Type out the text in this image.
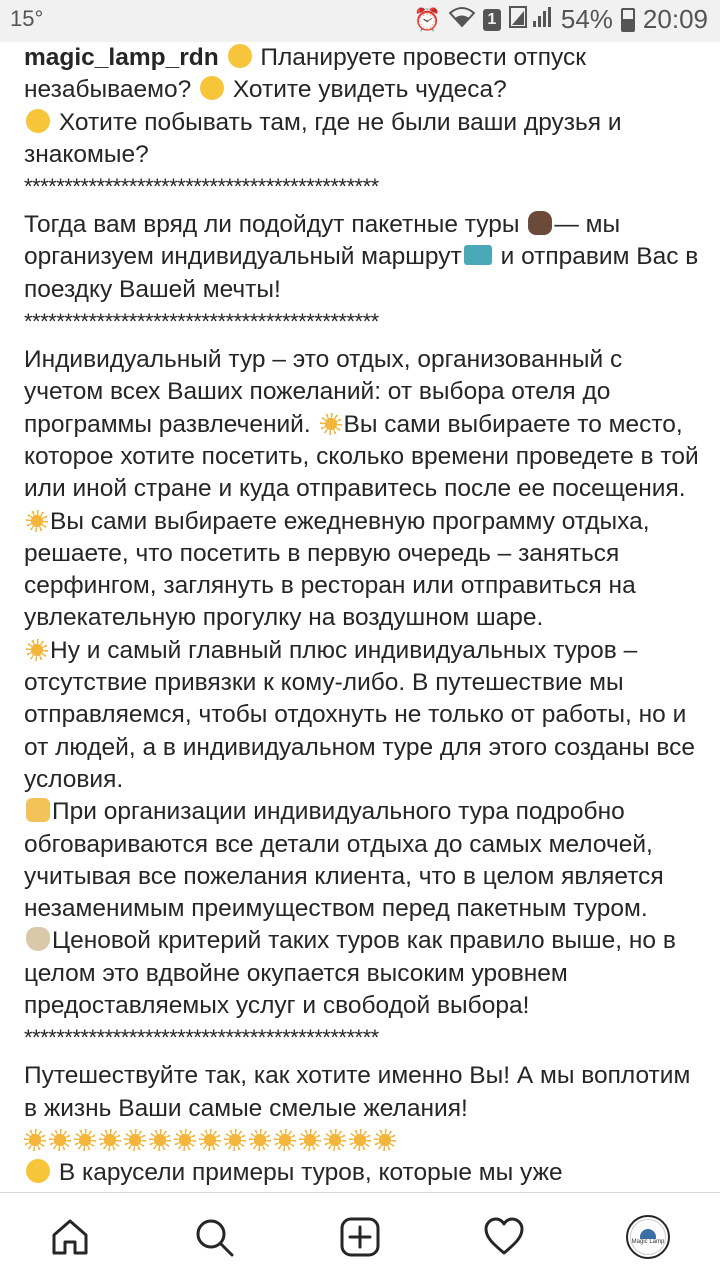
15°	⏰	1 54% 20:09

magic_lamp_rdn Планируете провести отпуск незабываемо? Хотите увидеть чудеса?
Хотите побывать там, где не были ваши друзья и знакомые?

********************************************

Тогда вам вряд ли подойдут пакетные туры — мы организуем индивидуальный маршрут и отправим Вас в поездку Вашей мечты!

********************************************

Индивидуальный тур – это отдых, организованный с учетом всех Ваших пожеланий: от выбора отеля до программы развлечений. Вы сами выбираете то место, которое хотите посетить, сколько времени проведете в той или иной стране и куда отправитесь после ее посещения.

Вы сами выбираете ежедневную программу отдыха, решаете, что посетить в первую очередь – заняться серфингом, заглянуть в ресторан или отправиться на увлекательную прогулку на воздушном шаре.

Ну и самый главный плюс индивидуальных туров – отсутствие привязки к кому-либо. В путешествие мы отправляемся, чтобы отдохнуть не только от работы, но и от людей, а в индивидуальном туре для этого созданы все условия.

При организации индивидуального тура подробно обговариваются все детали отдыха до самых мелочей, учитывая все пожелания клиента, что в целом является незаменимым преимуществом перед пакетным туром.

Ценовой критерий таких туров как правило выше, но в целом это вдвойне окупается высоким уровнем предоставляемых услуг и свободой выбора!

********************************************

Путешествуйте так, как хотите именно Вы! А мы воплотим в жизнь Ваши самые смелые желания!

В карусели примеры туров, которые мы уже

Magic Lamp
